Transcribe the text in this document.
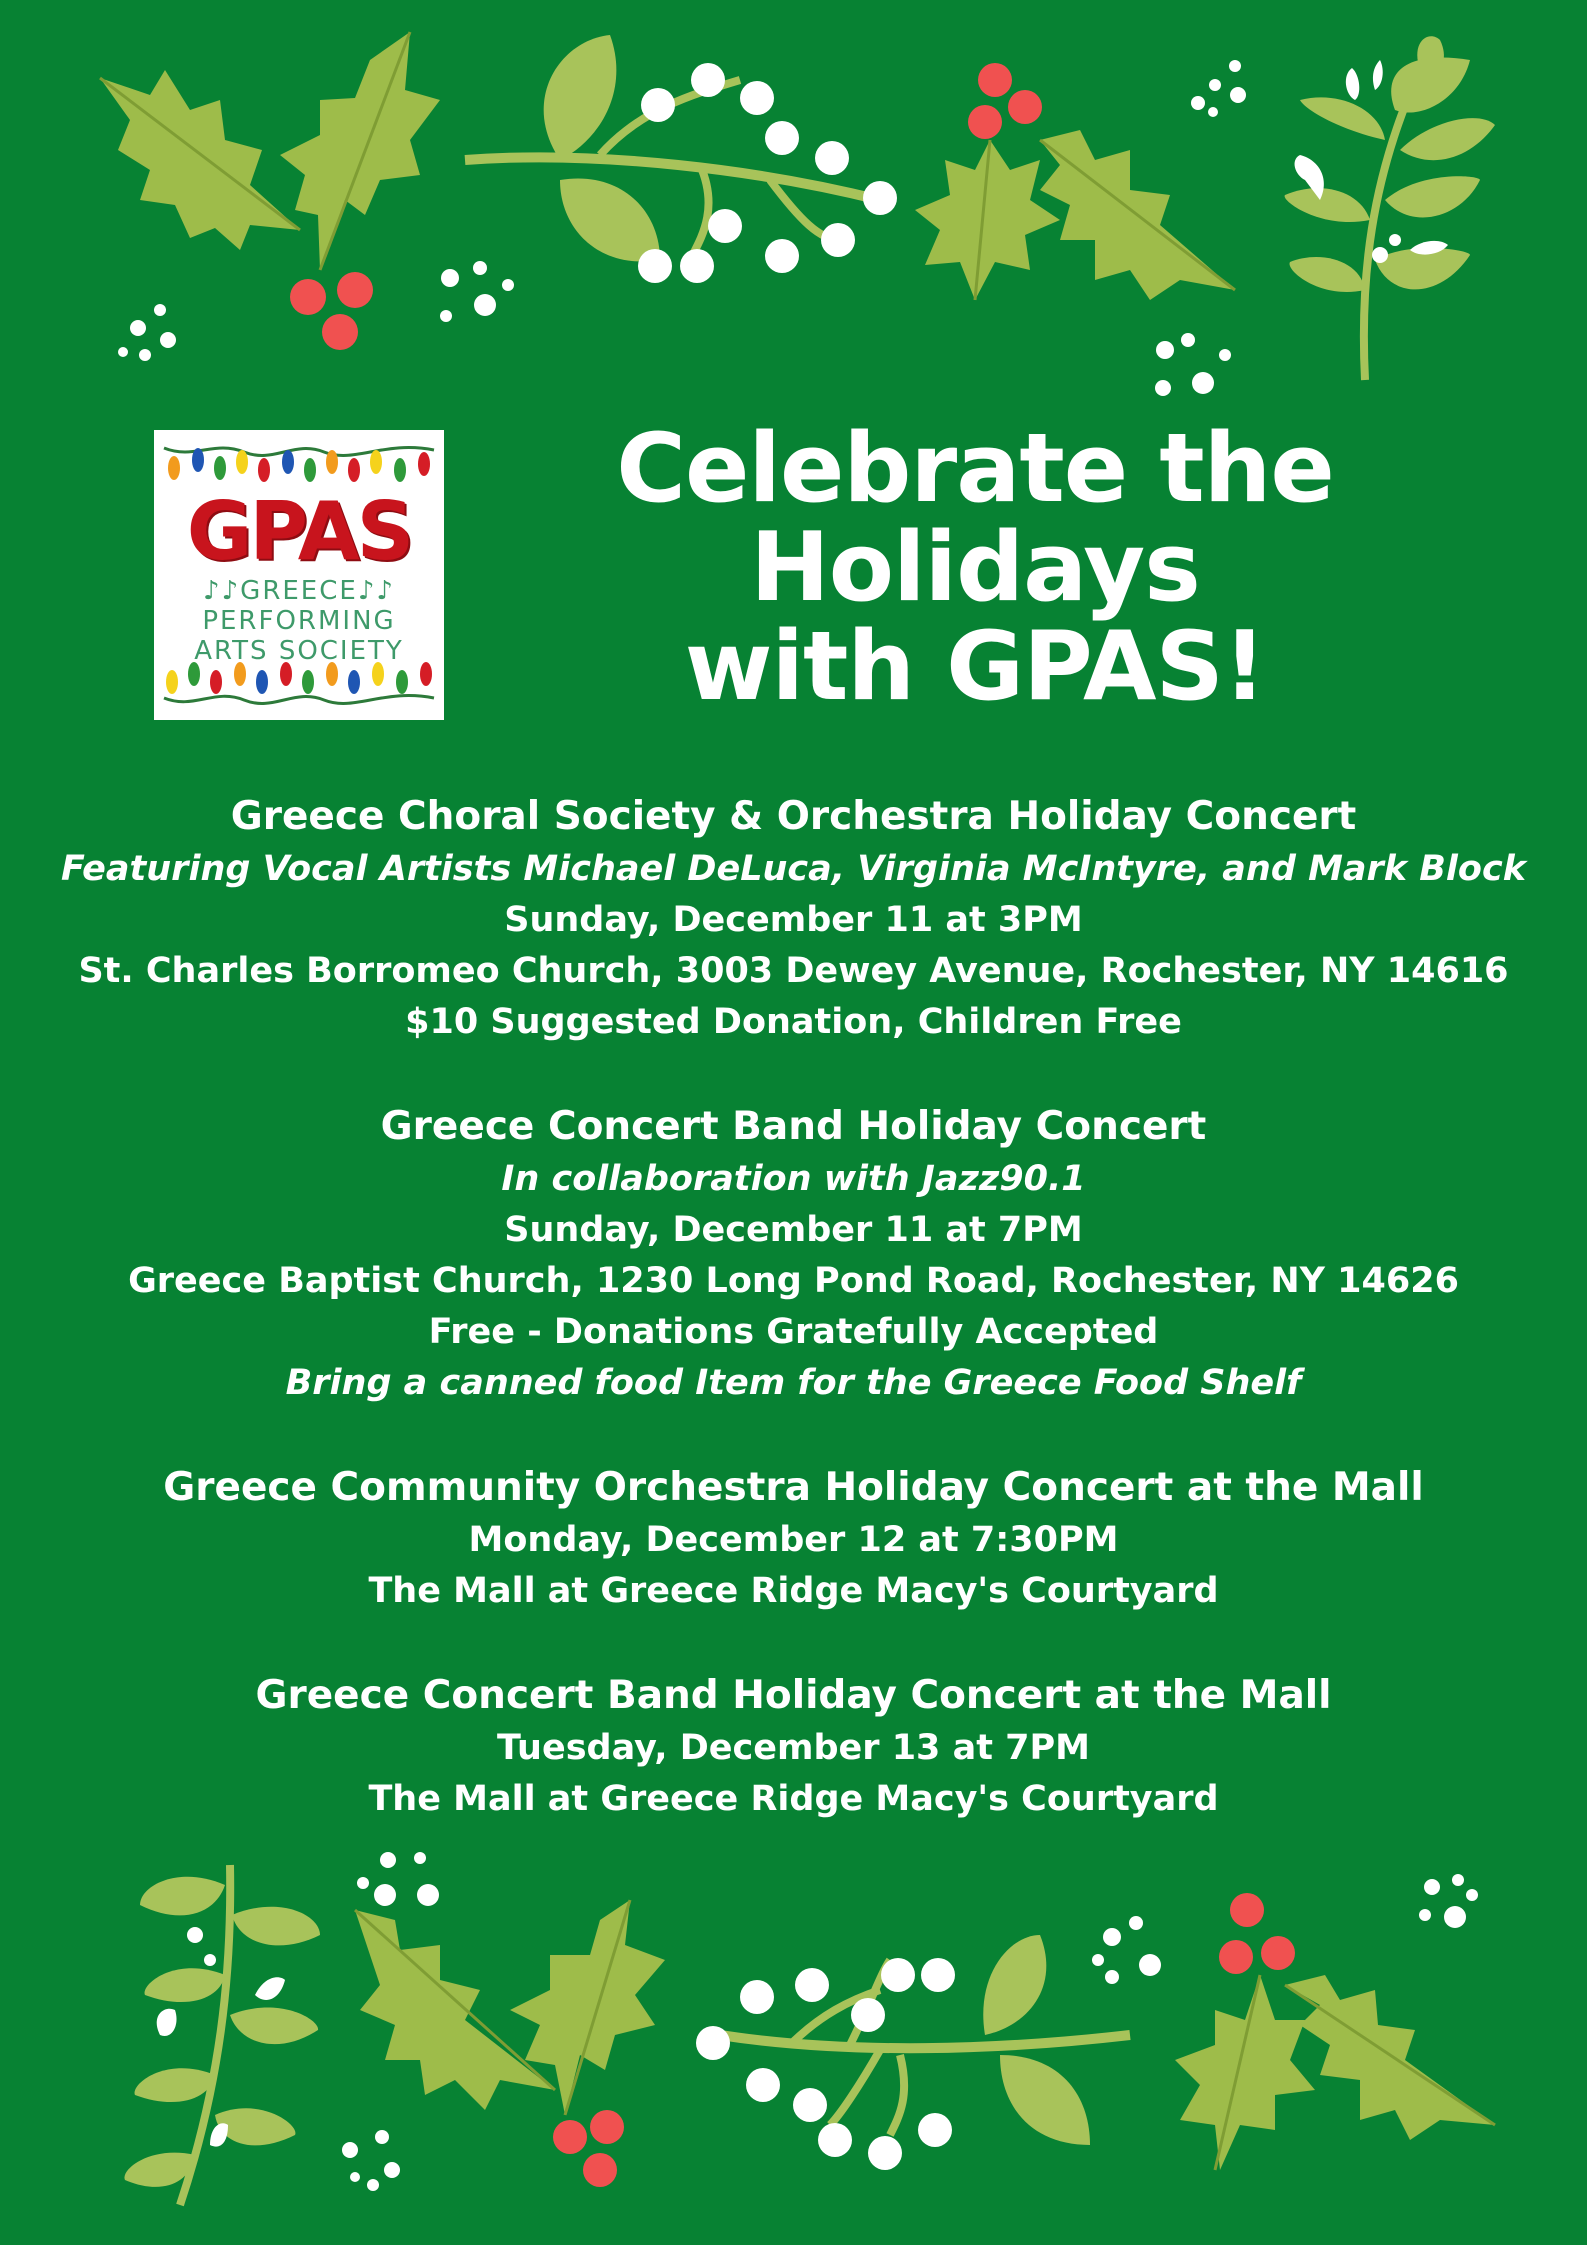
GPAS
♪♪GREECE♪♪
PERFORMING
ARTS SOCIETY
Celebrate the
Holidays
with GPAS!
Greece Choral Society & Orchestra Holiday Concert
Featuring Vocal Artists Michael DeLuca, Virginia McIntyre, and Mark Block
Sunday, December 11 at 3PM
St. Charles Borromeo Church, 3003 Dewey Avenue, Rochester, NY 14616
$10 Suggested Donation, Children Free
Greece Concert Band Holiday Concert
In collaboration with Jazz90.1
Sunday, December 11 at 7PM
Greece Baptist Church, 1230 Long Pond Road, Rochester, NY 14626
Free - Donations Gratefully Accepted
Bring a canned food Item for the Greece Food Shelf
Greece Community Orchestra Holiday Concert at the Mall
Monday, December 12 at 7:30PM
The Mall at Greece Ridge Macy's Courtyard
Greece Concert Band Holiday Concert at the Mall
Tuesday, December 13 at 7PM
The Mall at Greece Ridge Macy's Courtyard
